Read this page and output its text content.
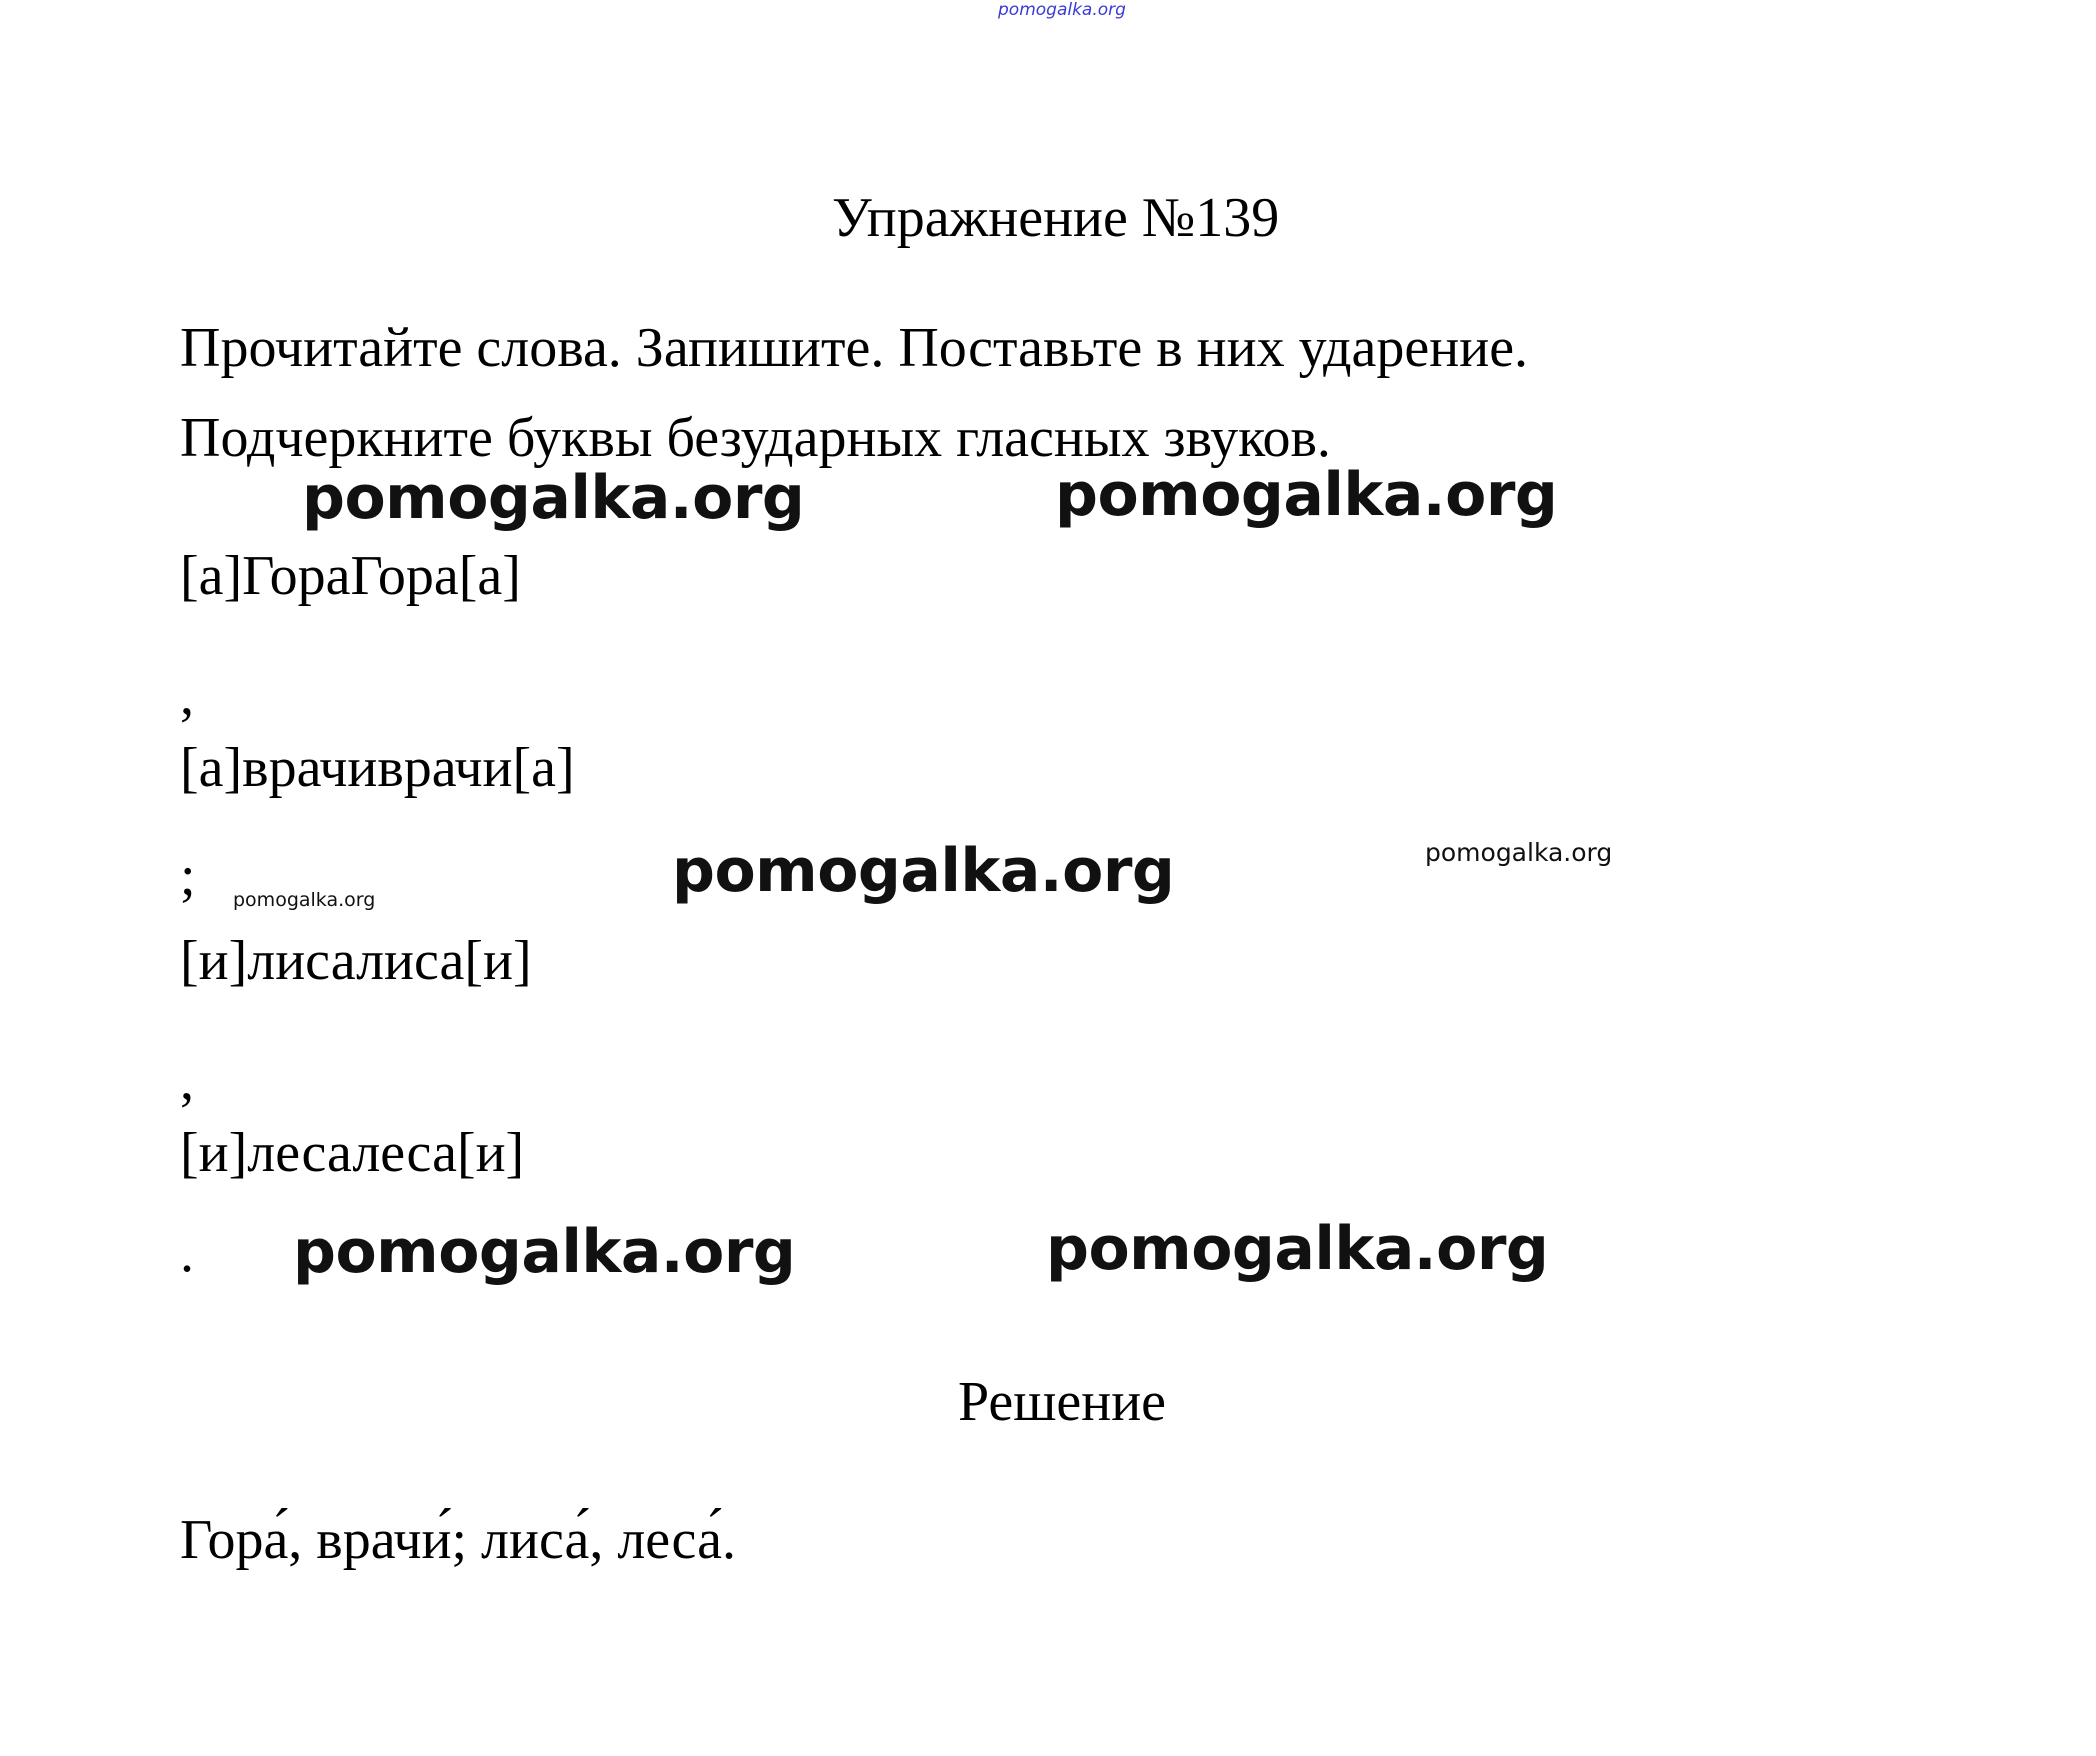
pomogalka.org
Упражнение №139
Прочитайте слова. Запишите. Поставьте в них ударение.
Подчеркните буквы безударных гласных звуков.
pomogalka.org	pomogalka.org
[а]ГораГора[а]
,
[а]врачиврачи[а]
; pomogalka.org	pomogalka.org	pomogalka.org
[и]лисалиса[и]
,
[и]лесалеса[и]
. pomogalka.org	pomogalka.org
Решение
Гора́, врачи́; лиса́, леса́.
